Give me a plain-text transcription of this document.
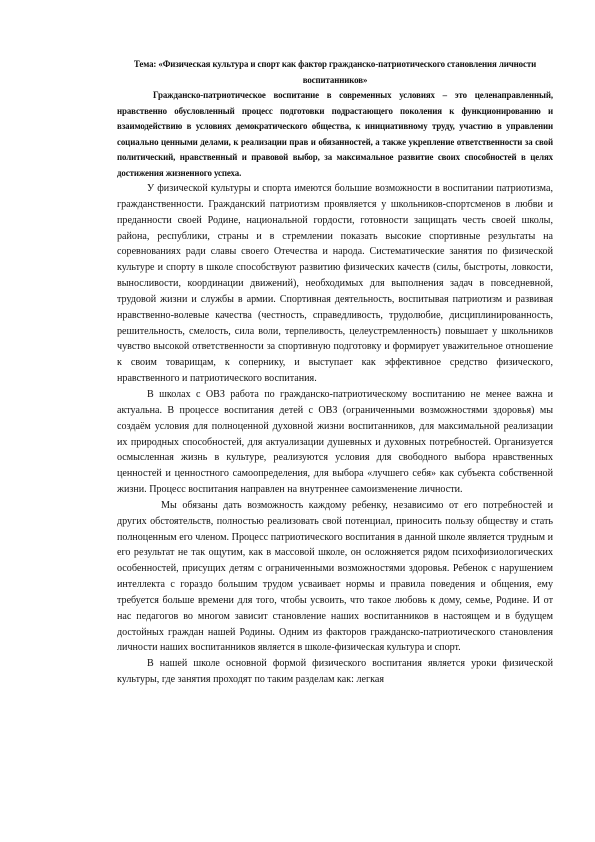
Тема: «Физическая культура и спорт как фактор гражданско-патриотического становления личности воспитанников»

Гражданско-патриотическое воспитание в современных условиях – это целенаправленный, нравственно обусловленный процесс подготовки подрастающего поколения к функционированию и взаимодействию в условиях демократического общества, к инициативному труду, участию в управлении социально ценными делами, к реализации прав и обязанностей, а также укрепление ответственности за свой политический, нравственный и правовой выбор, за максимальное развитие своих способностей в целях достижения жизненного успеха.

У физической культуры и спорта имеются большие возможности в воспитании патриотизма, гражданственности. Гражданский патриотизм проявляется у школьников-спортсменов в любви и преданности своей Родине, национальной гордости, готовности защищать честь своей школы, района, республики, страны и в стремлении показать высокие спортивные результаты на соревнованиях ради славы своего Отечества и народа. Систематические занятия по физической культуре и спорту в школе способствуют развитию физических качеств (силы, быстроты, ловкости, выносливости, координации движений), необходимых для выполнения задач в повседневной, трудовой жизни и службы в армии. Спортивная деятельность, воспитывая патриотизм и развивая нравственно-волевые качества (честность, справедливость, трудолюбие, дисциплинированность, решительность, смелость, сила воли, терпеливость, целеустремленность) повышает у школьников чувство высокой ответственности за спортивную подготовку и формирует уважительное отношение к своим товарищам, к сопернику, и выступает как эффективное средство физического, нравственного и патриотического воспитания.

В школах с ОВЗ работа по гражданско-патриотическому воспитанию не менее важна и актуальна. В процессе воспитания детей с ОВЗ (ограниченными возможностями здоровья) мы создаём условия для полноценной духовной жизни воспитанников, для максимальной реализации их природных способностей, для актуализации душевных и духовных потребностей. Организуется осмысленная жизнь в культуре, реализуются условия для свободного выбора нравственных ценностей и ценностного самоопределения, для выбора «лучшего себя» как субъекта собственной жизни. Процесс воспитания направлен на внутреннее самоизменение личности.

Мы обязаны дать возможность каждому ребенку, независимо от его потребностей и других обстоятельств, полностью реализовать свой потенциал, приносить пользу обществу и стать полноценным его членом. Процесс патриотического воспитания в данной школе является трудным и его результат не так ощутим, как в массовой школе, он осложняется рядом психофизиологических особенностей, присущих детям с ограниченными возможностями здоровья. Ребенок с нарушением интеллекта с гораздо большим трудом усваивает нормы и правила поведения и общения, ему требуется больше времени для того, чтобы усвоить, что такое любовь к дому, семье, Родине. И от нас педагогов во многом зависит становление наших воспитанников в настоящем и в будущем достойных граждан нашей Родины. Одним из факторов гражданско-патриотического становления личности наших воспитанников является в школе-физическая культура и спорт.

В нашей школе основной формой физического воспитания является уроки физической культуры, где занятия проходят по таким разделам как: легкая
